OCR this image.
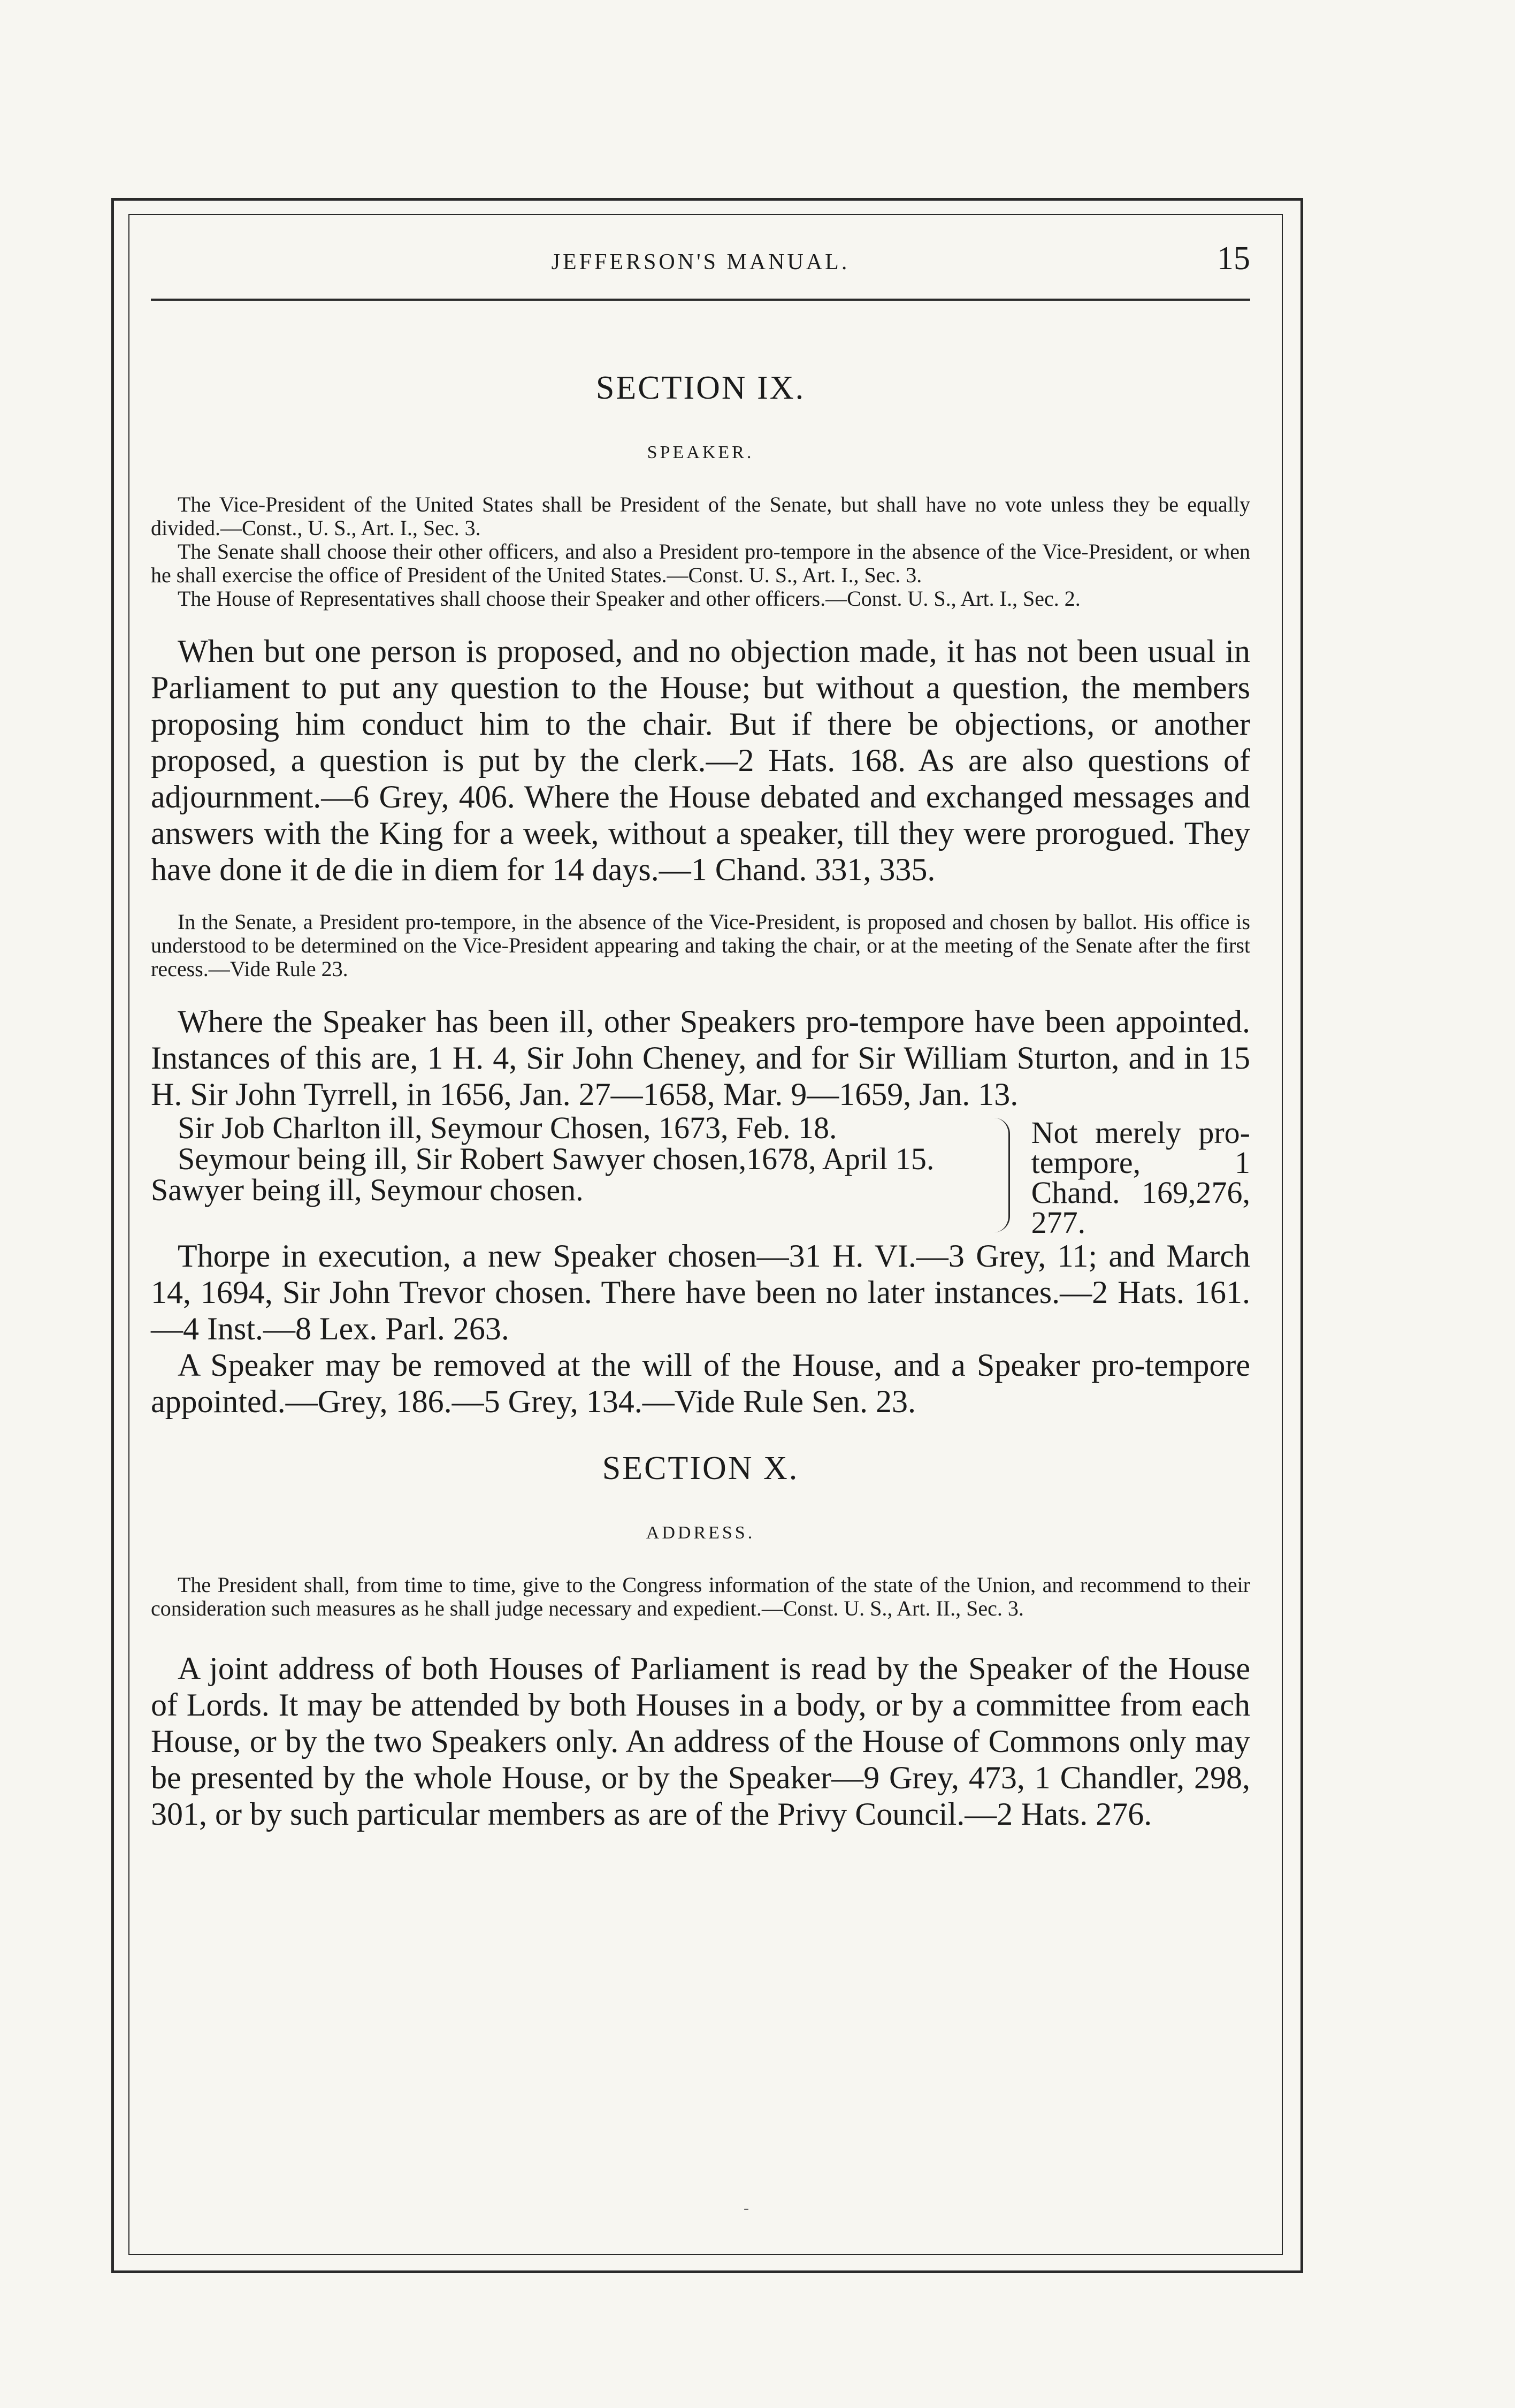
JEFFERSON'S MANUAL.	15
SECTION IX.
SPEAKER.

The Vice-President of the United States shall be President of the Senate, but shall have no vote unless they be equally divided.—Const., U. S., Art. I., Sec. 3.

The Senate shall choose their other officers, and also a President pro-tempore in the absence of the Vice-President, or when he shall exercise the office of President of the United States.—Const. U. S., Art. I., Sec. 3.

The House of Representatives shall choose their Speaker and other officers.—Const. U. S., Art. I., Sec. 2.

When but one person is proposed, and no objection made, it has not been usual in Parliament to put any question to the House; but without a question, the members proposing him conduct him to the chair. But if there be objections, or another proposed, a question is put by the clerk.—2 Hats. 168. As are also questions of adjournment.—6 Grey, 406. Where the House debated and exchanged messages and answers with the King for a week, without a speaker, till they were prorogued. They have done it de die in diem for 14 days.—1 Chand. 331, 335.

In the Senate, a President pro-tempore, in the absence of the Vice-President, is proposed and chosen by ballot. His office is understood to be determined on the Vice-President appearing and taking the chair, or at the meeting of the Senate after the first recess.—Vide Rule 23.

Where the Speaker has been ill, other Speakers pro-tempore have been appointed. Instances of this are, 1 H. 4, Sir John Cheney, and for Sir William Sturton, and in 15 H. Sir John Tyrrell, in 1656, Jan. 27—1658, Mar. 9—1659, Jan. 13.

Sir Job Charlton ill, Seymour Chosen, 1673, Feb. 18.
Seymour being ill, Sir Robert Sawyer chosen,1678, April 15.
Sawyer being ill, Seymour chosen.
Not merely pro-tempore, 1 Chand. 169,276, 277.

Thorpe in execution, a new Speaker chosen—31 H. VI.—3 Grey, 11; and March 14, 1694, Sir John Trevor chosen. There have been no later instances.—2 Hats. 161.—4 Inst.—8 Lex. Parl. 263.

A Speaker may be removed at the will of the House, and a Speaker pro-tempore appointed.—Grey, 186.—5 Grey, 134.—Vide Rule Sen. 23.

SECTION X.
ADDRESS.

The President shall, from time to time, give to the Congress information of the state of the Union, and recommend to their consideration such measures as he shall judge necessary and expedient.—Const. U. S., Art. II., Sec. 3.

A joint address of both Houses of Parliament is read by the Speaker of the House of Lords. It may be attended by both Houses in a body, or by a committee from each House, or by the two Speakers only. An address of the House of Commons only may be presented by the whole House, or by the Speaker—9 Grey, 473, 1 Chandler, 298, 301, or by such particular members as are of the Privy Council.—2 Hats. 276.

-
